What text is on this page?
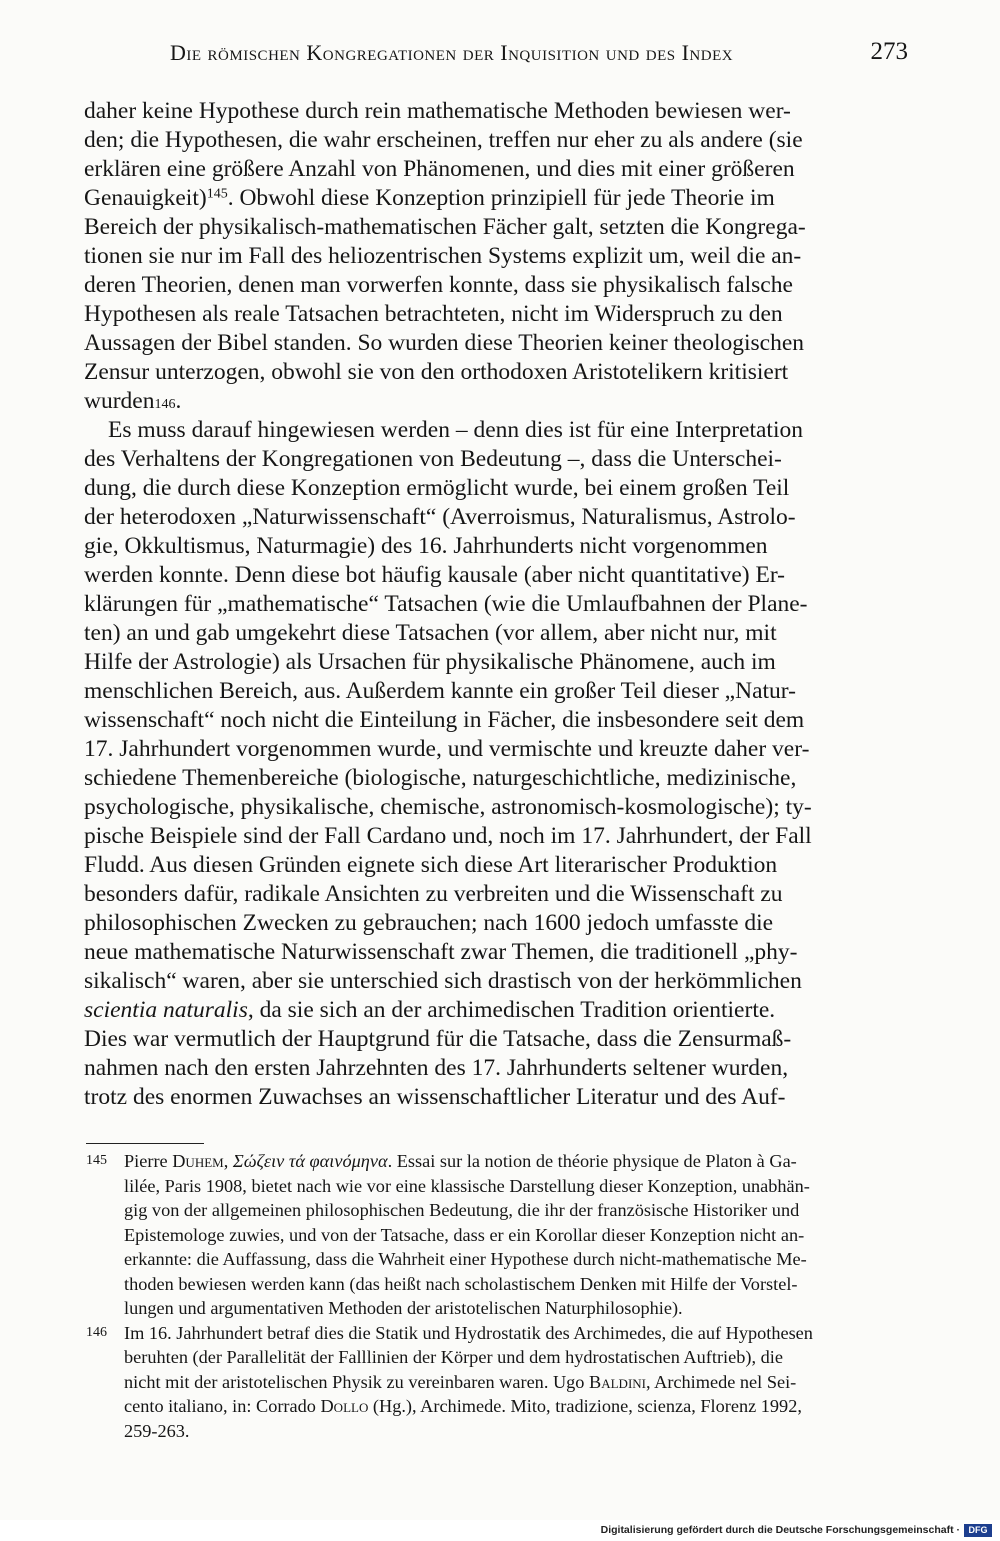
Die römischen Kongregationen der Inquisition und des Index	273
daher keine Hypothese durch rein mathematische Methoden bewiesen wer-
den; die Hypothesen, die wahr erscheinen, treffen nur eher zu als andere (sie
erklären eine größere Anzahl von Phänomenen, und dies mit einer größeren
Genauigkeit)$^{145}$. Obwohl diese Konzeption prinzipiell für jede Theorie im
Bereich der physikalisch-mathematischen Fächer galt, setzten die Kongrega-
tionen sie nur im Fall des heliozentrischen Systems explizit um, weil die an-
deren Theorien, denen man vorwerfen konnte, dass sie physikalisch falsche
Hypothesen als reale Tatsachen betrachteten, nicht im Widerspruch zu den
Aussagen der Bibel standen. So wurden diese Theorien keiner theologischen
Zensur unterzogen, obwohl sie von den orthodoxen Aristotelikern kritisiert
wurden 146 .
Es muss darauf hingewiesen werden – denn dies ist für eine Interpretation
des Verhaltens der Kongregationen von Bedeutung –, dass die Unterschei-
dung, die durch diese Konzeption ermöglicht wurde, bei einem großen Teil
der heterodoxen „Naturwissenschaft“ (Averroismus, Naturalismus, Astrolo-
gie, Okkultismus, Naturmagie) des 16. Jahrhunderts nicht vorgenommen
werden konnte. Denn diese bot häufig kausale (aber nicht quantitative) Er-
klärungen für „mathematische“ Tatsachen (wie die Umlaufbahnen der Plane-
ten) an und gab umgekehrt diese Tatsachen (vor allem, aber nicht nur, mit
Hilfe der Astrologie) als Ursachen für physikalische Phänomene, auch im
menschlichen Bereich, aus. Außerdem kannte ein großer Teil dieser „Natur-
wissenschaft“ noch nicht die Einteilung in Fächer, die insbesondere seit dem
17. Jahrhundert vorgenommen wurde, und vermischte und kreuzte daher ver-
schiedene Themenbereiche (biologische, naturgeschichtliche, medizinische,
psychologische, physikalische, chemische, astronomisch-kosmologische); ty-
pische Beispiele sind der Fall Cardano und, noch im 17. Jahrhundert, der Fall
Fludd. Aus diesen Gründen eignete sich diese Art literarischer Produktion
besonders dafür, radikale Ansichten zu verbreiten und die Wissenschaft zu
philosophischen Zwecken zu gebrauchen; nach 1600 jedoch umfasste die
neue mathematische Naturwissenschaft zwar Themen, die traditionell „phy-
sikalisch“ waren, aber sie unterschied sich drastisch von der herkömmlichen
scientia naturalis, da sie sich an der archimedischen Tradition orientierte.
Dies war vermutlich der Hauptgrund für die Tatsache, dass die Zensurmaß-
nahmen nach den ersten Jahrzehnten des 17. Jahrhunderts seltener wurden,
trotz des enormen Zuwachses an wissenschaftlicher Literatur und des Auf-
145 Pierre Duhem, Σώζειν τά φαινόμηνα. Essai sur la notion de théorie physique de Platon à Ga-
lilée, Paris 1908, bietet nach wie vor eine klassische Darstellung dieser Konzeption, unabhän-
gig von der allgemeinen philosophischen Bedeutung, die ihr der französische Historiker und
Epistemologe zuwies, und von der Tatsache, dass er ein Korollar dieser Konzeption nicht an-
erkannte: die Auffassung, dass die Wahrheit einer Hypothese durch nicht-mathematische Me-
thoden bewiesen werden kann (das heißt nach scholastischem Denken mit Hilfe der Vorstel-
lungen und argumentativen Methoden der aristotelischen Naturphilosophie).
146 Im 16. Jahrhundert betraf dies die Statik und Hydrostatik des Archimedes, die auf Hypothesen
beruhten (der Parallelität der Falllinien der Körper und dem hydrostatischen Auftrieb), die
nicht mit der aristotelischen Physik zu vereinbaren waren. Ugo Baldini, Archimede nel Sei-
cento italiano, in: Corrado Dollo (Hg.), Archimede. Mito, tradizione, scienza, Florenz 1992,
259-263.
Digitalisierung gefördert durch die Deutsche Forschungsgemeinschaft · DFG
